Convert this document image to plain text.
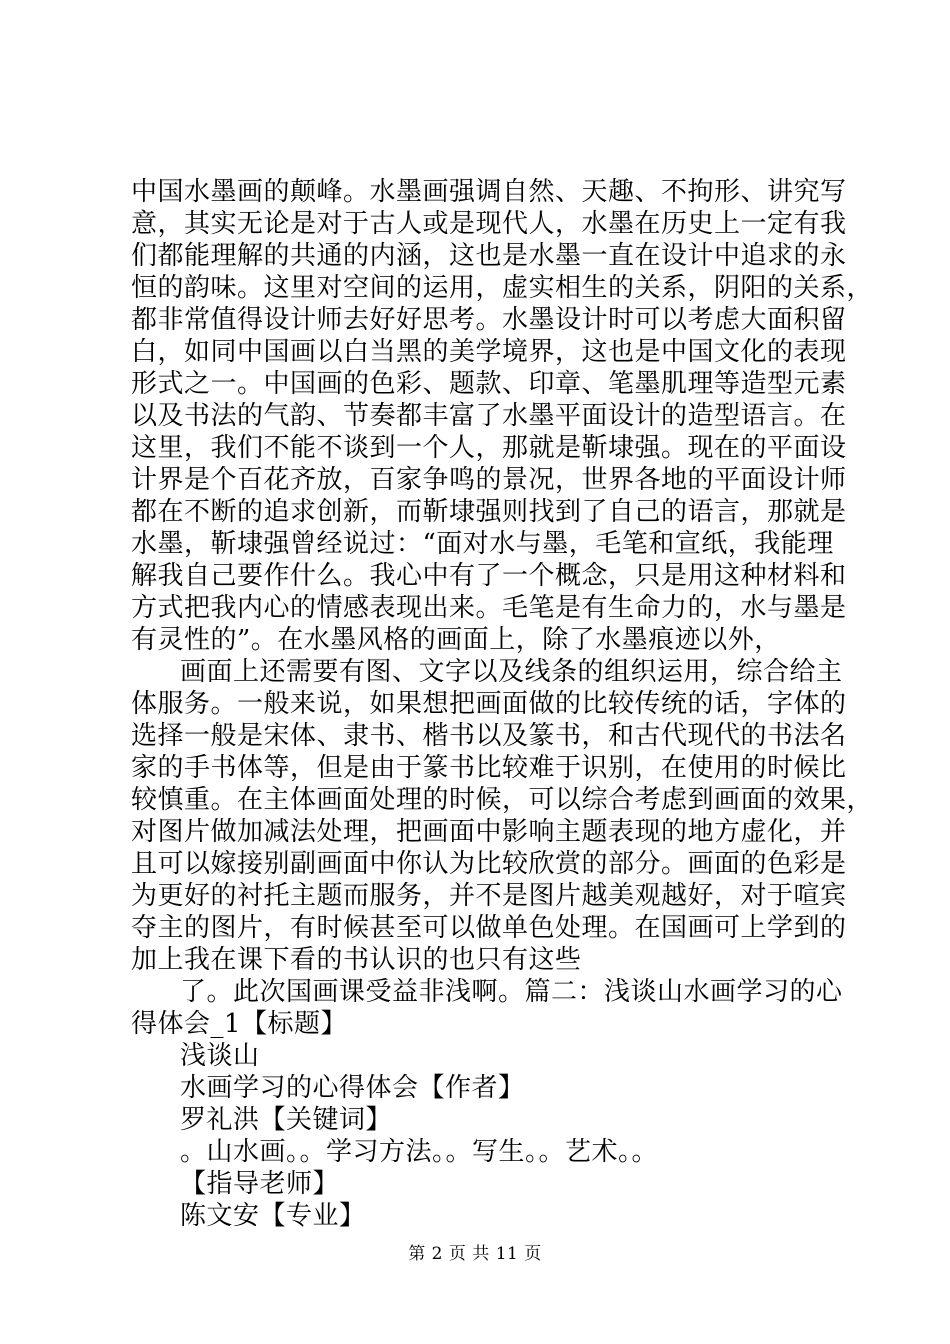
中国水墨画的颠峰。水墨画强调自然、天趣、不拘形、讲究写
意，其实无论是对于古人或是现代人，水墨在历史上一定有我
们都能理解的共通的内涵，这也是水墨一直在设计中追求的永
恒的韵味。这里对空间的运用，虚实相生的关系，阴阳的关系，
都非常值得设计师去好好思考。水墨设计时可以考虑大面积留
白，如同中国画以白当黑的美学境界，这也是中国文化的表现
形式之一。中国画的色彩、题款、印章、笔墨肌理等造型元素
以及书法的气韵、节奏都丰富了水墨平面设计的造型语言。在
这里，我们不能不谈到一个人，那就是靳埭强。现在的平面设
计界是个百花齐放，百家争鸣的景况，世界各地的平面设计师
都在不断的追求创新，而靳埭强则找到了自己的语言，那就是
水墨，靳埭强曾经说过：“面对水与墨，毛笔和宣纸，我能理
解我自己要作什么。我心中有了一个概念，只是用这种材料和
方式把我内心的情感表现出来。毛笔是有生命力的，水与墨是
有灵性的”。在水墨风格的画面上，除了水墨痕迹以外，
画面上还需要有图、文字以及线条的组织运用，综合给主
体服务。一般来说，如果想把画面做的比较传统的话，字体的
选择一般是宋体、隶书、楷书以及篆书，和古代现代的书法名
家的手书体等，但是由于篆书比较难于识别，在使用的时候比
较慎重。在主体画面处理的时候，可以综合考虑到画面的效果，
对图片做加减法处理，把画面中影响主题表现的地方虚化，并
且可以嫁接别副画面中你认为比较欣赏的部分。画面的色彩是
为更好的衬托主题而服务，并不是图片越美观越好，对于喧宾
夺主的图片，有时候甚至可以做单色处理。在国画可上学到的
加上我在课下看的书认识的也只有这些
了。此次国画课受益非浅啊。篇二：浅谈山水画学习的心
得体会_1【标题】
浅谈山
水画学习的心得体会【作者】
罗礼洪【关键词】
。山水画。。学习方法。。写生。。艺术。。
【指导老师】
陈文安【专业】
第 2 页 共 11 页
